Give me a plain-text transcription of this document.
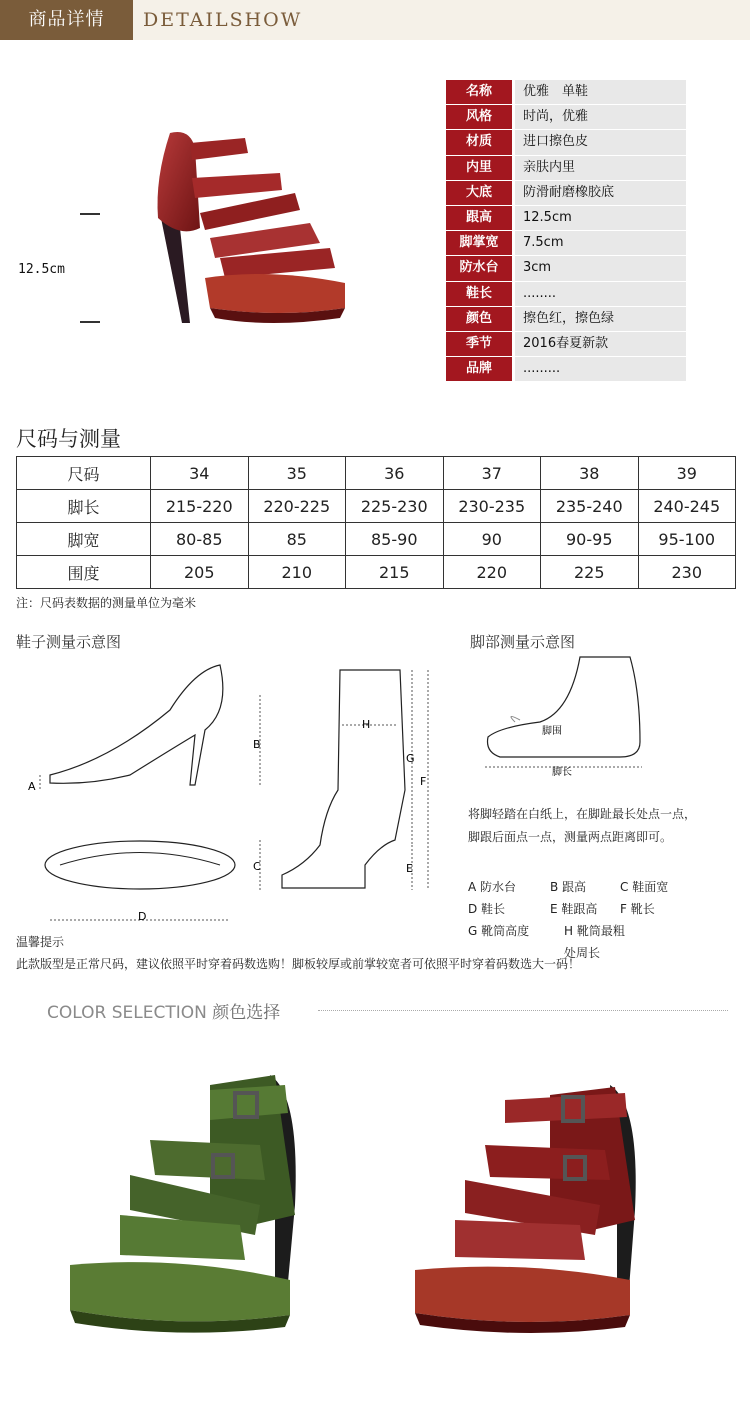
商品详情	DETAILSHOW
12.5cm
名称	优雅　单鞋
风格	时尚，优雅
材质	进口擦色皮
内里	亲肤内里
大底	防滑耐磨橡胶底
跟高	12.5cm
脚掌宽	7.5cm
防水台	3cm
鞋长	........
颜色	擦色红，擦色绿
季节	2016春夏新款
品牌	.........
尺码与测量
尺码	34	35	36	37	38	39
脚长	215-220	220-225	225-230	230-235	235-240	240-245
脚宽	80-85	85	85-90	90	90-95	95-100
围度	205	210	215	220	225	230
注：尺码表数据的测量单位为毫米
鞋子测量示意图	脚部测量示意图
A
B
C
D
H
G
F
E
脚围
脚长
将脚轻踏在白纸上，在脚趾最长处点一点，
脚跟后面点一点，测量两点距离即可。
A 防水台	B 跟高	C 鞋面宽
D 鞋长	E 鞋跟高	F 靴长
G 靴筒高度	H 靴筒最粗处周长
温馨提示
此款版型是正常尺码，建议依照平时穿着码数选购！脚板较厚或前掌较宽者可依照平时穿着码数选大一码！
COLOR SELECTION 颜色选择
